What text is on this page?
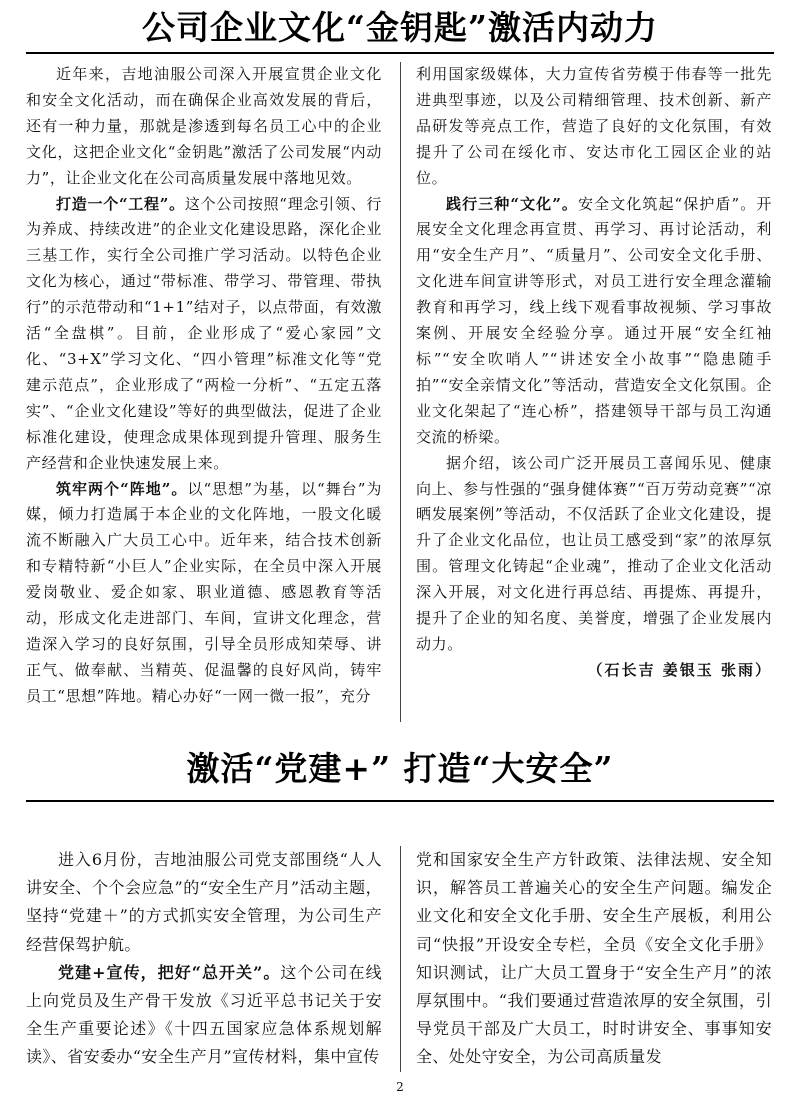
公司企业文化“金钥匙”激活内动力

近年来，吉地油服公司深入开展宣贯企业文化和安全文化活动，而在确保企业高效发展的背后，还有一种力量，那就是渗透到每名员工心中的企业文化，这把企业文化“金钥匙”激活了公司发展“内动力”，让企业文化在公司高质量发展中落地见效。

打造一个“工程”。这个公司按照“理念引领、行为养成、持续改进”的企业文化建设思路，深化企业三基工作，实行全公司推广学习活动。以特色企业文化为核心，通过“带标准、带学习、带管理、带执行”的示范带动和“1+1”结对子，以点带面，有效激活“全盘棋”。目前，企业形成了“爱心家园”文化、“3+X”学习文化、“四小管理”标准文化等“党建示范点”，企业形成了“两检一分析”、“五定五落实”、“企业文化建设”等好的典型做法，促进了企业标准化建设，使理念成果体现到提升管理、服务生产经营和企业快速发展上来。

筑牢两个“阵地”。以“思想”为基，以“舞台”为媒，倾力打造属于本企业的文化阵地，一股文化暖流不断融入广大员工心中。近年来，结合技术创新和专精特新“小巨人”企业实际，在全员中深入开展爱岗敬业、爱企如家、职业道德、感恩教育等活动，形成文化走进部门、车间，宣讲文化理念，营造深入学习的良好氛围，引导全员形成知荣辱、讲正气、做奉献、当精英、促温馨的良好风尚，铸牢员工“思想”阵地。精心办好“一网一微一报”，充分

利用国家级媒体，大力宣传省劳模于伟春等一批先进典型事迹，以及公司精细管理、技术创新、新产品研发等亮点工作，营造了良好的文化氛围，有效提升了公司在绥化市、安达市化工园区企业的站位。

践行三种“文化”。安全文化筑起“保护盾”。开展安全文化理念再宣贯、再学习、再讨论活动，利用“安全生产月”、“质量月”、公司安全文化手册、文化进车间宣讲等形式，对员工进行安全理念灌输教育和再学习，线上线下观看事故视频、学习事故案例、开展安全经验分享。通过开展“安全红袖标”“安全吹哨人”“讲述安全小故事”“隐患随手拍”“安全亲情文化”等活动，营造安全文化氛围。企业文化架起了“连心桥”，搭建领导干部与员工沟通交流的桥梁。

据介绍，该公司广泛开展员工喜闻乐见、健康向上、参与性强的“强身健体赛”“百万劳动竞赛”“凉晒发展案例”等活动，不仅活跃了企业文化建设，提升了企业文化品位，也让员工感受到“家”的浓厚氛围。管理文化铸起“企业魂”，推动了企业文化活动深入开展，对文化进行再总结、再提炼、再提升，提升了企业的知名度、美誉度，增强了企业发展内动力。

（石长吉 姜银玉 张雨）

激活“党建+” 打造“大安全”

进入6月份，吉地油服公司党支部围绕“人人讲安全、个个会应急”的“安全生产月”活动主题，坚持“党建＋”的方式抓实安全管理，为公司生产经营保驾护航。

党建+宣传，把好“总开关”。这个公司在线上向党员及生产骨干发放《习近平总书记关于安全生产重要论述》《十四五国家应急体系规划解读》、省安委办“安全生产月”宣传材料，集中宣传

党和国家安全生产方针政策、法律法规、安全知识，解答员工普遍关心的安全生产问题。编发企业文化和安全文化手册、安全生产展板，利用公司“快报”开设安全专栏，全员《安全文化手册》知识测试，让广大员工置身于“安全生产月”的浓厚氛围中。“我们要通过营造浓厚的安全氛围，引导党员干部及广大员工，时时讲安全、事事知安全、处处守安全，为公司高质量发

2
